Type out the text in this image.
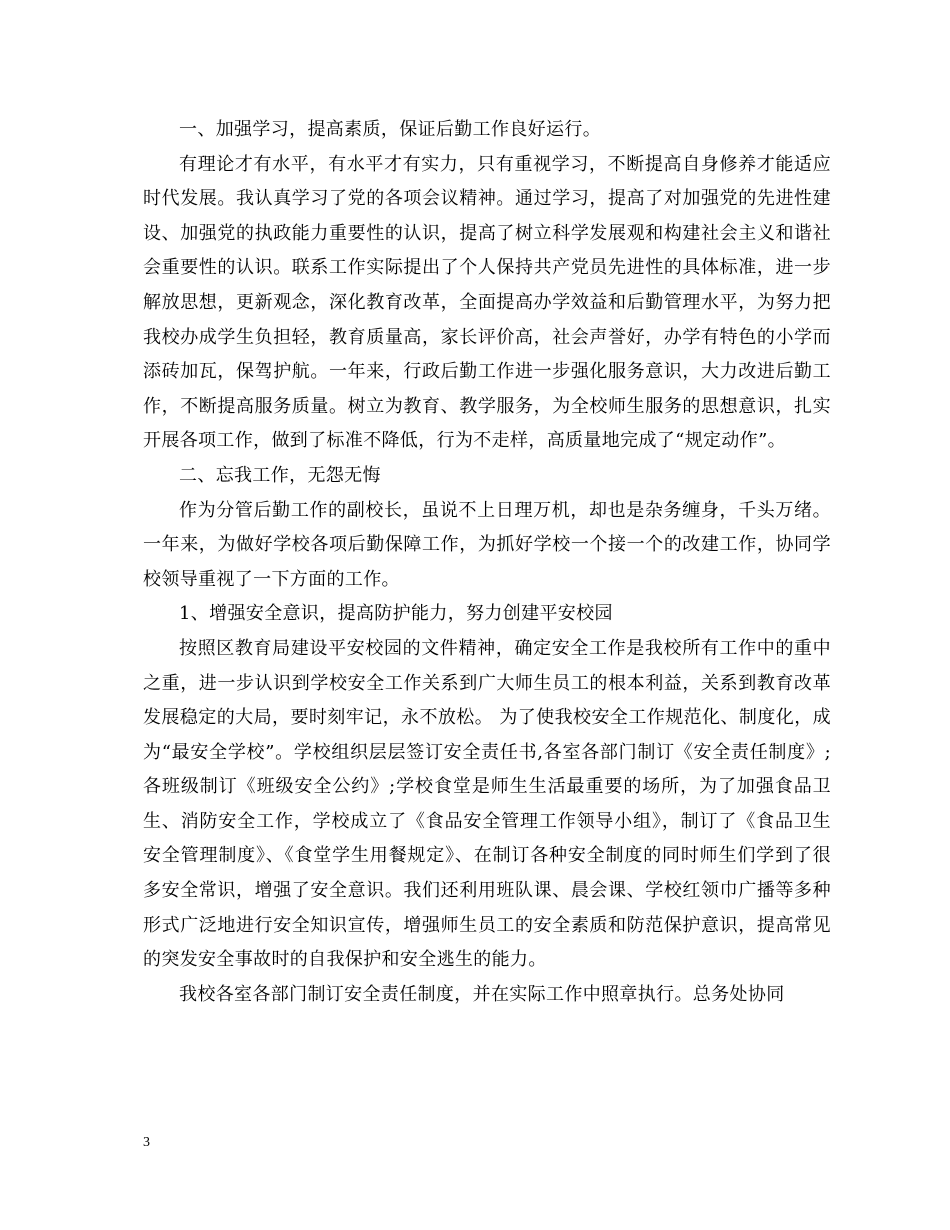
一、加强学习，提高素质，保证后勤工作良好运行。

有理论才有水平，有水平才有实力，只有重视学习，不断提高自身修养才能适应时代发展。我认真学习了党的各项会议精神。通过学习，提高了对加强党的先进性建设、加强党的执政能力重要性的认识，提高了树立科学发展观和构建社会主义和谐社会重要性的认识。联系工作实际提出了个人保持共产党员先进性的具体标准，进一步解放思想，更新观念，深化教育改革，全面提高办学效益和后勤管理水平，为努力把我校办成学生负担轻，教育质量高，家长评价高，社会声誉好，办学有特色的小学而添砖加瓦，保驾护航。一年来，行政后勤工作进一步强化服务意识，大力改进后勤工作，不断提高服务质量。树立为教育、教学服务，为全校师生服务的思想意识，扎实开展各项工作，做到了标准不降低，行为不走样，高质量地完成了“规定动作”。

二、忘我工作，无怨无悔

作为分管后勤工作的副校长，虽说不上日理万机，却也是杂务缠身，千头万绪。一年来，为做好学校各项后勤保障工作，为抓好学校一个接一个的改建工作，协同学校领导重视了一下方面的工作。

1、增强安全意识，提高防护能力，努力创建平安校园

按照区教育局建设平安校园的文件精神，确定安全工作是我校所有工作中的重中之重，进一步认识到学校安全工作关系到广大师生员工的根本利益，关系到教育改革发展稳定的大局，要时刻牢记，永不放松。 为了使我校安全工作规范化、制度化，成为“最安全学校”。学校组织层层签订安全责任书,各室各部门制订《安全责任制度》;各班级制订《班级安全公约》;学校食堂是师生生活最重要的场所，为了加强食品卫生、消防安全工作，学校成立了《食品安全管理工作领导小组》，制订了《食品卫生安全管理制度》、《食堂学生用餐规定》、在制订各种安全制度的同时师生们学到了很多安全常识，增强了安全意识。我们还利用班队课、晨会课、学校红领巾广播等多种形式广泛地进行安全知识宣传，增强师生员工的安全素质和防范保护意识，提高常见的突发安全事故时的自我保护和安全逃生的能力。

我校各室各部门制订安全责任制度，并在实际工作中照章执行。总务处协同

3
